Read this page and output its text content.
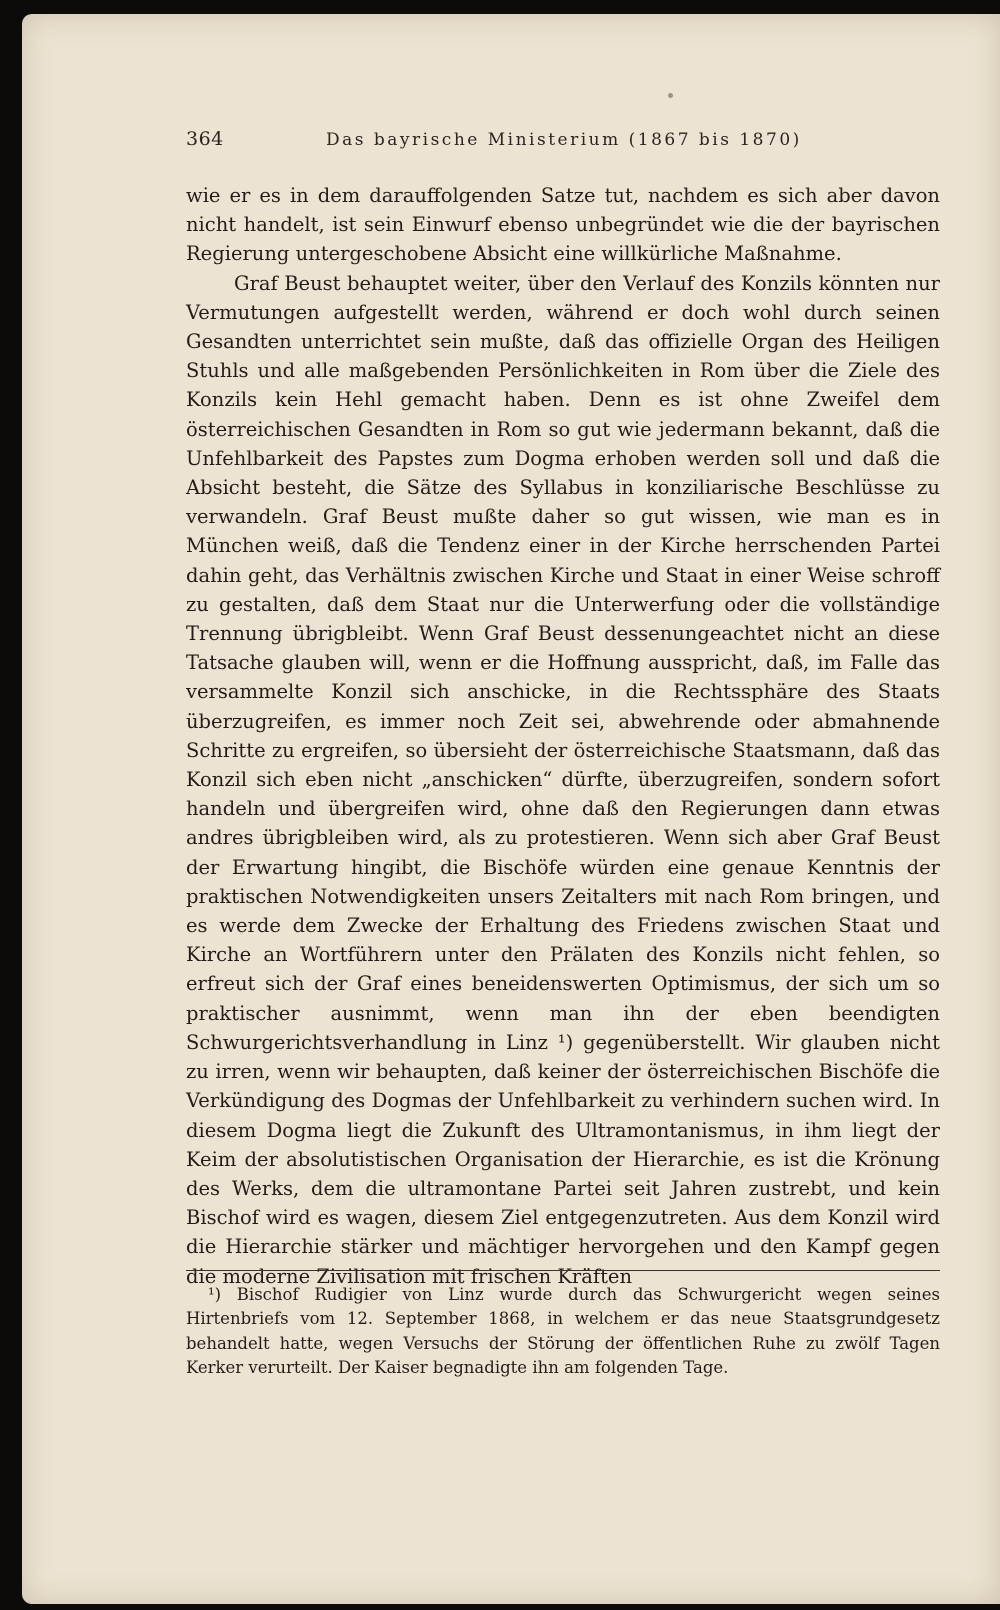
364	Das bayrische Ministerium (1867 bis 1870)

wie er es in dem darauffolgenden Satze tut, nachdem es sich aber davon nicht handelt, ist sein Einwurf ebenso unbegründet wie die der bayrischen Regierung untergeschobene Absicht eine willkürliche Maßnahme.

Graf Beust behauptet weiter, über den Verlauf des Konzils könnten nur Vermutungen aufgestellt werden, während er doch wohl durch seinen Gesandten unterrichtet sein mußte, daß das offizielle Organ des Heiligen Stuhls und alle maßgebenden Persönlichkeiten in Rom über die Ziele des Konzils kein Hehl gemacht haben. Denn es ist ohne Zweifel dem österreichischen Gesandten in Rom so gut wie jedermann bekannt, daß die Unfehlbarkeit des Papstes zum Dogma erhoben werden soll und daß die Absicht besteht, die Sätze des Syllabus in konziliarische Beschlüsse zu verwandeln. Graf Beust mußte daher so gut wissen, wie man es in München weiß, daß die Tendenz einer in der Kirche herrschenden Partei dahin geht, das Verhältnis zwischen Kirche und Staat in einer Weise schroff zu gestalten, daß dem Staat nur die Unterwerfung oder die vollständige Trennung übrigbleibt. Wenn Graf Beust dessenungeachtet nicht an diese Tatsache glauben will, wenn er die Hoffnung ausspricht, daß, im Falle das versammelte Konzil sich anschicke, in die Rechtssphäre des Staats überzugreifen, es immer noch Zeit sei, abwehrende oder abmahnende Schritte zu ergreifen, so übersieht der österreichische Staatsmann, daß das Konzil sich eben nicht „anschicken“ dürfte, überzugreifen, sondern sofort handeln und übergreifen wird, ohne daß den Regierungen dann etwas andres übrigbleiben wird, als zu protestieren. Wenn sich aber Graf Beust der Erwartung hingibt, die Bischöfe würden eine genaue Kenntnis der praktischen Notwendigkeiten unsers Zeitalters mit nach Rom bringen, und es werde dem Zwecke der Erhaltung des Friedens zwischen Staat und Kirche an Wortführern unter den Prälaten des Konzils nicht fehlen, so erfreut sich der Graf eines beneidenswerten Optimismus, der sich um so praktischer ausnimmt, wenn man ihn der eben beendigten Schwurgerichtsverhandlung in Linz ¹) gegenüberstellt. Wir glauben nicht zu irren, wenn wir behaupten, daß keiner der österreichischen Bischöfe die Verkündigung des Dogmas der Unfehlbarkeit zu verhindern suchen wird. In diesem Dogma liegt die Zukunft des Ultramontanismus, in ihm liegt der Keim der absolutistischen Organisation der Hierarchie, es ist die Krönung des Werks, dem die ultramontane Partei seit Jahren zustrebt, und kein Bischof wird es wagen, diesem Ziel entgegenzutreten. Aus dem Konzil wird die Hierarchie stärker und mächtiger hervorgehen und den Kampf gegen die moderne Zivilisation mit frischen Kräften

¹) Bischof Rudigier von Linz wurde durch das Schwurgericht wegen seines Hirtenbriefs vom 12. September 1868, in welchem er das neue Staatsgrundgesetz behandelt hatte, wegen Versuchs der Störung der öffentlichen Ruhe zu zwölf Tagen Kerker verurteilt. Der Kaiser begnadigte ihn am folgenden Tage.
